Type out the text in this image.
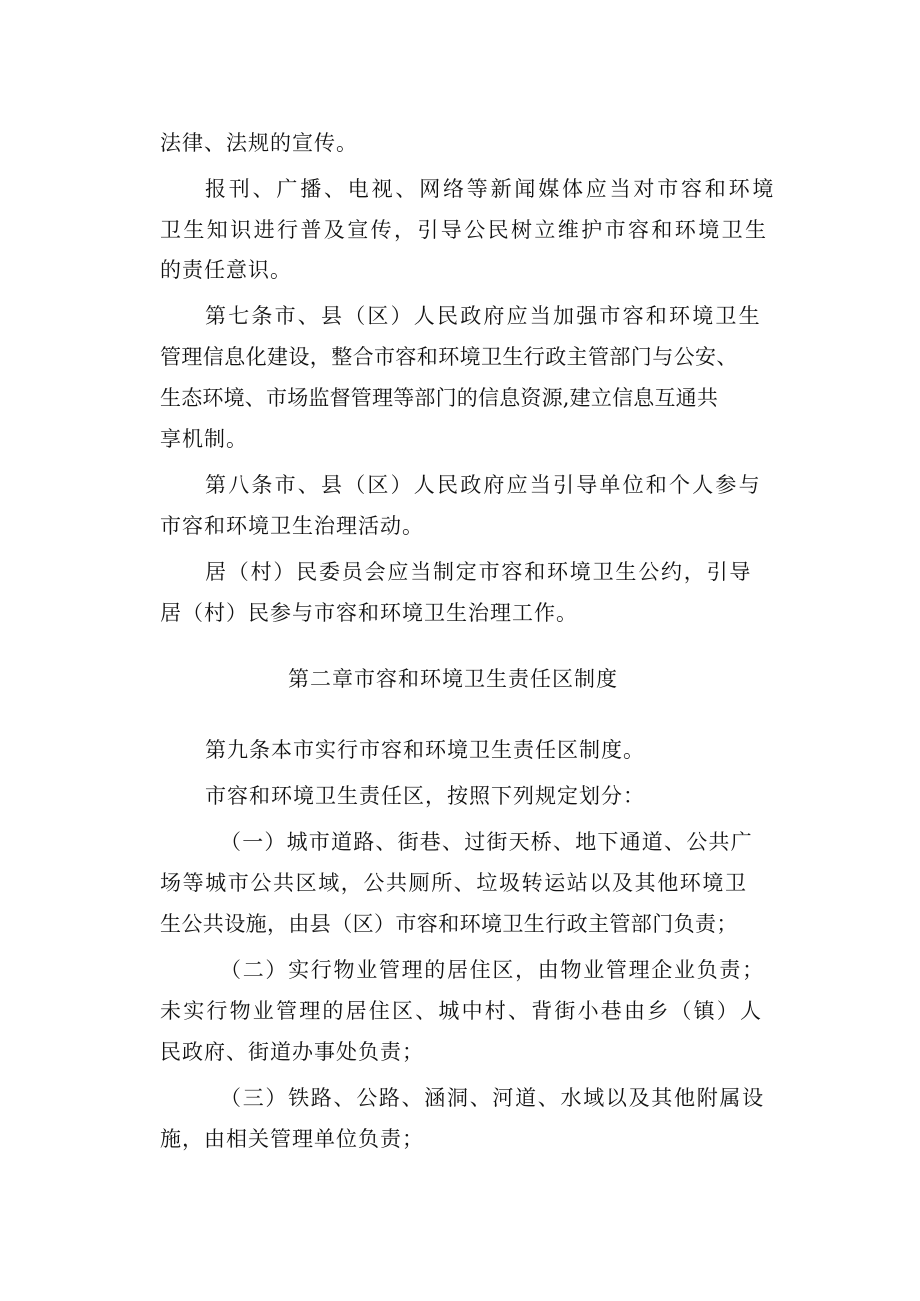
法律、法规的宣传。
报刊、广播、电视、网络等新闻媒体应当对市容和环境
卫生知识进行普及宣传，引导公民树立维护市容和环境卫生
的责任意识。
第七条市、县（区）人民政府应当加强市容和环境卫生
管理信息化建设，整合市容和环境卫生行政主管部门与公安、
生态环境、市场监督管理等部门的信息资源,建立信息互通共
享机制。
第八条市、县（区）人民政府应当引导单位和个人参与
市容和环境卫生治理活动。
居（村）民委员会应当制定市容和环境卫生公约，引导
居（村）民参与市容和环境卫生治理工作。
第二章市容和环境卫生责任区制度
第九条本市实行市容和环境卫生责任区制度。
市容和环境卫生责任区，按照下列规定划分：
（一）城市道路、街巷、过街天桥、地下通道、公共广
场等城市公共区域，公共厕所、垃圾转运站以及其他环境卫
生公共设施，由县（区）市容和环境卫生行政主管部门负责；
（二）实行物业管理的居住区，由物业管理企业负责；
未实行物业管理的居住区、城中村、背街小巷由乡（镇）人
民政府、街道办事处负责；
（三）铁路、公路、涵洞、河道、水域以及其他附属设
施，由相关管理单位负责；
